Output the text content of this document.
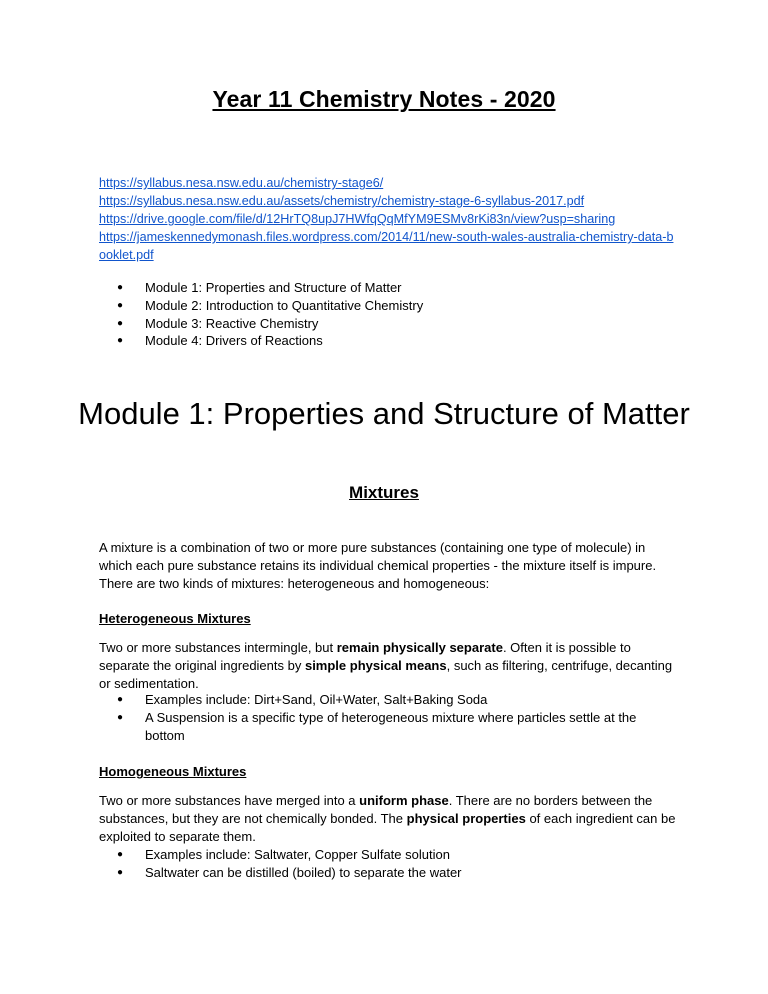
Year 11 Chemistry Notes - 2020
https://syllabus.nesa.nsw.edu.au/chemistry-stage6/
https://syllabus.nesa.nsw.edu.au/assets/chemistry/chemistry-stage-6-syllabus-2017.pdf
https://drive.google.com/file/d/12HrTQ8upJ7HWfqQqMfYM9ESMv8rKi83n/view?usp=sharing
https://jameskennedymonash.files.wordpress.com/2014/11/new-south-wales-australia-chemistry-data-booklet.pdf
● Module 1: Properties and Structure of Matter
● Module 2: Introduction to Quantitative Chemistry
● Module 3: Reactive Chemistry
● Module 4: Drivers of Reactions
Module 1: Properties and Structure of Matter
Mixtures

A mixture is a combination of two or more pure substances (containing one type of molecule) in which each pure substance retains its individual chemical properties - the mixture itself is impure. There are two kinds of mixtures: heterogeneous and homogeneous:

Heterogeneous Mixtures

Two or more substances intermingle, but remain physically separate. Often it is possible to separate the original ingredients by simple physical means, such as filtering, centrifuge, decanting or sedimentation.

● Examples include: Dirt+Sand, Oil+Water, Salt+Baking Soda
● A Suspension is a specific type of heterogeneous mixture where particles settle at the bottom

Homogeneous Mixtures

Two or more substances have merged into a uniform phase. There are no borders between the substances, but they are not chemically bonded. The physical properties of each ingredient can be exploited to separate them.

● Examples include: Saltwater, Copper Sulfate solution
● Saltwater can be distilled (boiled) to separate the water
